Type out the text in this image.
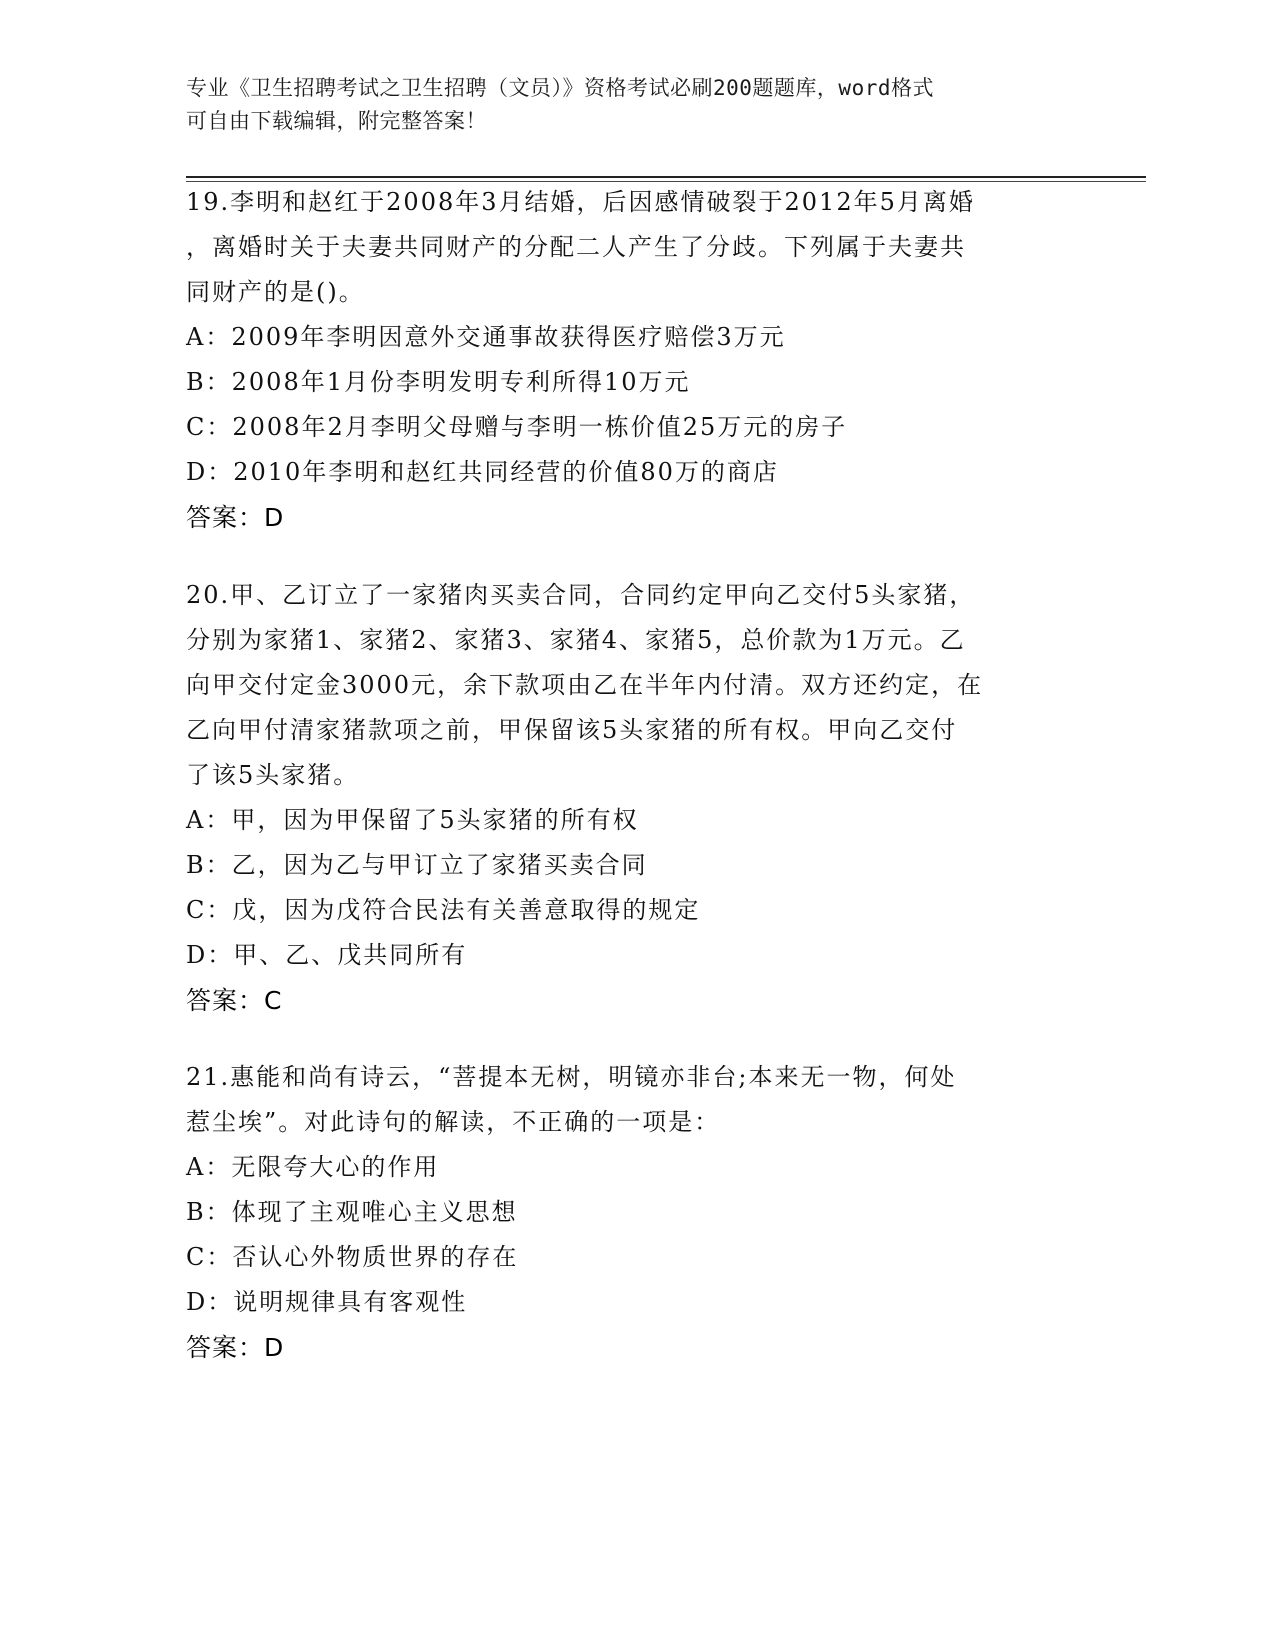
专业《卫生招聘考试之卫生招聘（文员）》资格考试必刷200题题库，word格式
可自由下载编辑，附完整答案！

19.李明和赵红于2008年3月结婚，后因感情破裂于2012年5月离婚

，离婚时关于夫妻共同财产的分配二人产生了分歧。下列属于夫妻共

同财产的是()。

A：2009年李明因意外交通事故获得医疗赔偿3万元

B：2008年1月份李明发明专利所得10万元

C：2008年2月李明父母赠与李明一栋价值25万元的房子

D：2010年李明和赵红共同经营的价值80万的商店

答案：D

20.甲、乙订立了一家猪肉买卖合同，合同约定甲向乙交付5头家猪，

分别为家猪1、家猪2、家猪3、家猪4、家猪5，总价款为1万元。乙

向甲交付定金3000元，余下款项由乙在半年内付清。双方还约定，在

乙向甲付清家猪款项之前，甲保留该5头家猪的所有权。甲向乙交付

了该5头家猪。

A：甲，因为甲保留了5头家猪的所有权

B：乙，因为乙与甲订立了家猪买卖合同

C：戊，因为戊符合民法有关善意取得的规定

D：甲、乙、戊共同所有

答案：C

21.惠能和尚有诗云，“菩提本无树，明镜亦非台;本来无一物，何处

惹尘埃”。对此诗句的解读，不正确的一项是：

A：无限夸大心的作用

B：体现了主观唯心主义思想

C：否认心外物质世界的存在

D：说明规律具有客观性

答案：D
